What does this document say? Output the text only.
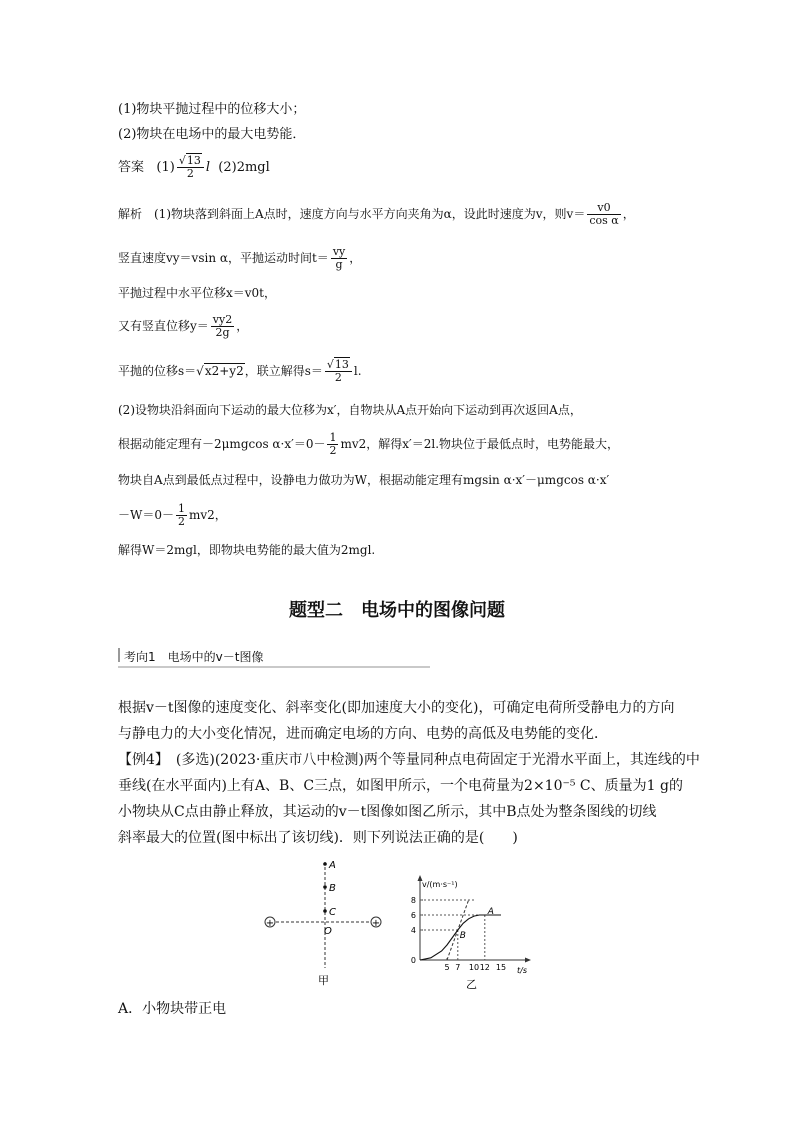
(1)物块平抛过程中的位移大小；
(2)物块在电场中的最大电势能．
答案 $(1) \frac{√13}{2}$ l (2)2mgl
解析　(1)物块落到斜面上A点时，速度方向与水平方向夹角为α，设此时速度为v，则$v= \frac{v0}{\text{cos α}}$ ，
竖直速度vy＝vsin α，平抛运动时间$t= \frac{vy}{g}$ ，
平抛过程中水平位移x＝v0t，
又有竖直位移$y= \frac{vy2}{2g}$ ，
平抛的位移s＝√x2+y2，联立解得$s= \frac{√13}{2} l$.
(2)设物块沿斜面向下运动的最大位移为x′，自物块从A点开始向下运动到再次返回A点，
根据动能定理有－2μmgcos $\alpha\cdot x'=0- \frac{1}{2} mv2$，解得x′＝2l.物块位于最低点时，电势能最大，
物块自A点到最低点过程中，设静电力做功为W，根据动能定理有mgsin α·x′－μmgcos α·x′
$-W=0- \frac{1}{2} mv2$，
解得W＝2mgl，即物块电势能的最大值为2mgl.
题型二　电场中的图像问题
考向1　电场中的v－t图像
根据v－t图像的速度变化、斜率变化(即加速度大小的变化)，可确定电荷所受静电力的方向
与静电力的大小变化情况，进而确定电场的方向、电势的高低及电势能的变化．
【例4】　(多选)(2023·重庆市八中检测)两个等量同种点电荷固定于光滑水平面上，其连线的中
垂线(在水平面内)上有A、B、C三点，如图甲所示，一个电荷量为2×10⁻⁵ C、质量为1 g的
小物块从C点由静止释放，其运动的v－t图像如图乙所示，其中B点处为整条图线的切线
斜率最大的位置(图中标出了该切线)．则下列说法正确的是(　　)
+	+
A
B
C
O
甲
v/(m·s⁻¹)
t/s
8
6
4
0
5 7 10 12 15
A
B
乙
A．小物块带正电
